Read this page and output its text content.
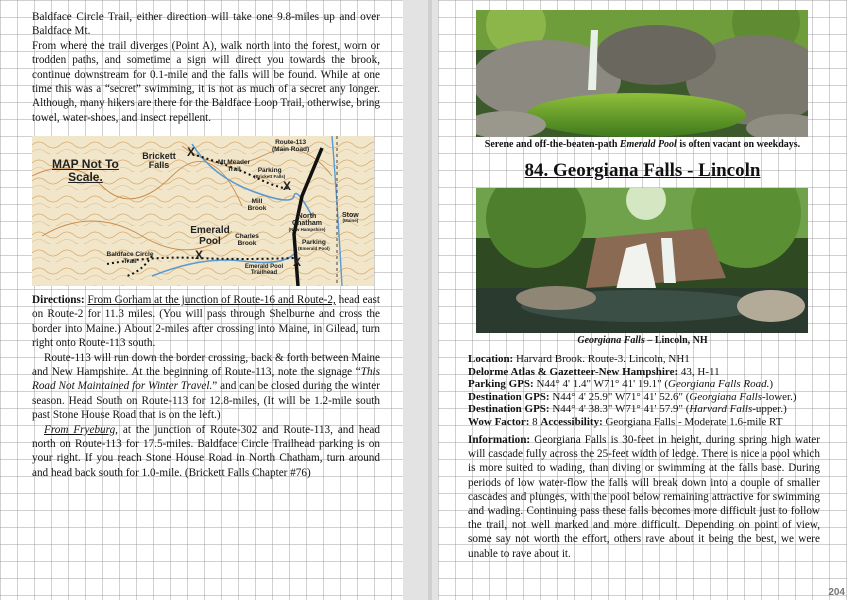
Baldface Circle Trail, either direction will take one 9.8-miles up and over Baldface Mt.

From where the trail diverges (Point A), walk north into the forest, worn or trodden paths, and sometime a sign will direct you towards the brook, continue downstream for 0.1-mile and the falls will be found. While at one time this was a “secret” swimming, it is not as much of a secret any longer. Although, many hikers are there for the Baldface Loop Trail, otherwise, bring towel, water-shoes, and insect repellent.

MAP Not To
Scale.
Brickett Falls
X
Mt Meader Trail	Parking
(Brickett Falls)
X
Route-113
(Main Road)
Mill Brook
North Chatham
(New Hampshire)
Stow
(Maine)
Emerald Pool	Charles Brook	Parking
(Emerald Pool)
X	X
Baldface Circle Trail
Emerald Pool Trailhead

Directions: From Gorham at the junction of Route-16 and Route-2, head east on Route-2 for 11.3 miles. (You will pass through Shelburne and cross the border into Maine.) About 2-miles after crossing into Maine, in Gilead, turn right onto Route-113 south.

Route-113 will run down the border crossing, back & forth between Maine and New Hampshire. At the beginning of Route-113, note the signage “This Road Not Maintained for Winter Travel.” and can be closed during the winter season. Head South on Route-113 for 12.8-miles, (It will be 1.2-mile south past Stone House Road that is on the left.)

From Fryeburg, at the junction of Route-302 and Route-113, and head north on Route-113 for 17.5-miles. Baldface Circle Trailhead parking is on your right. If you reach Stone House Road in North Chatham, turn around and head back south for 1.0-mile. (Brickett Falls Chapter #76)

Serene and off-the-beaten-path Emerald Pool is often vacant on weekdays.
84. Georgiana Falls - Lincoln
Georgiana Falls – Lincoln, NH

Location: Harvard Brook. Route-3. Lincoln, NH1

Delorme Atlas & Gazetteer-New Hampshire: 43, H-11

Parking GPS: N44° 4' 1.4" W71° 41' 19.1" (Georgiana Falls Road.)

Destination GPS: N44° 4' 25.9" W71° 41' 52.6" (Georgiana Falls-lower.)

Destination GPS: N44° 4' 38.3" W71° 41' 57.9" (Harvard Falls-upper.)

Wow Factor: 8 Accessibility: Georgiana Falls - Moderate 1.6-mile RT

Information: Georgiana Falls is 30-feet in height, during spring high water will cascade fully across the 25-feet width of ledge. There is nice a pool which is more suited to wading, than diving or swimming at the falls base. During periods of low water-flow the falls will break down into a couple of smaller cascades and plunges, with the pool below remaining attractive for swimming and wading. Continuing pass these falls becomes more difficult just to follow the trail, not well marked and more difficult. Depending on point of view, some say not worth the effort, others rave about it being the best, we were unable to rave about it.

204
